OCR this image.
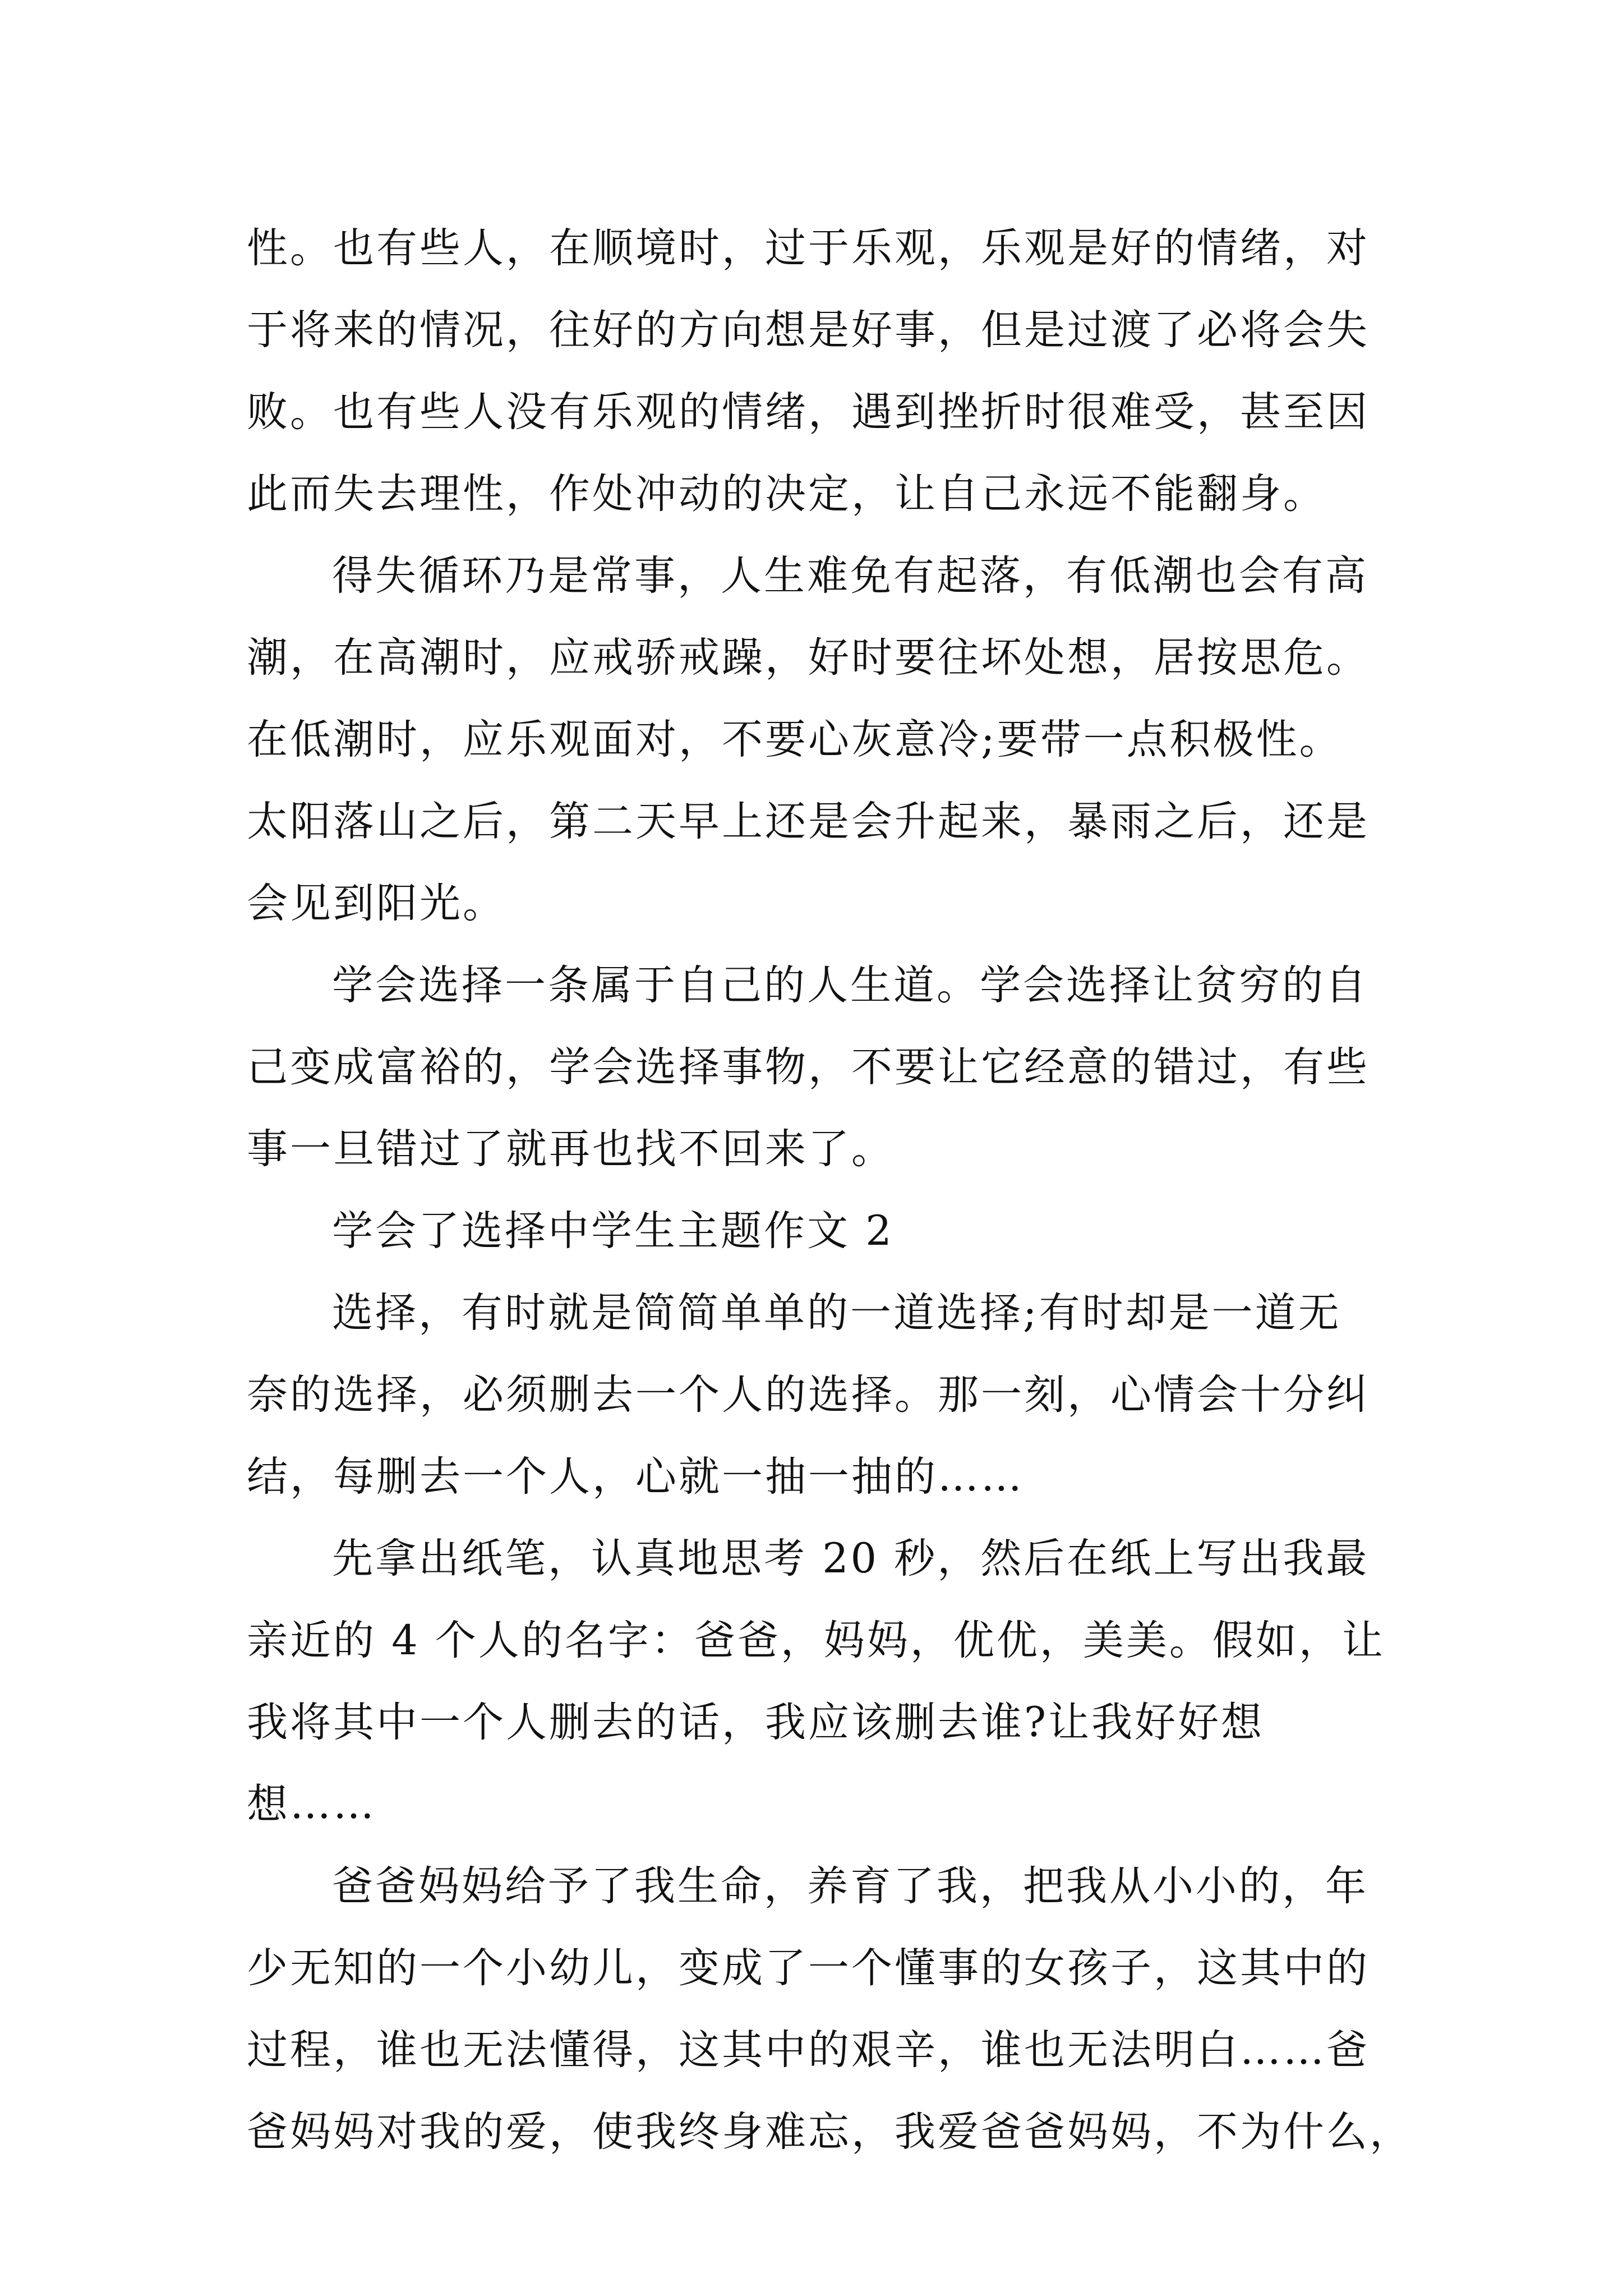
性。也有些人，在顺境时，过于乐观，乐观是好的情绪，对
于将来的情况，往好的方向想是好事，但是过渡了必将会失
败。也有些人没有乐观的情绪，遇到挫折时很难受，甚至因
此而失去理性，作处冲动的决定，让自己永远不能翻身。
得失循环乃是常事，人生难免有起落，有低潮也会有高
潮，在高潮时，应戒骄戒躁，好时要往坏处想，居按思危。
在低潮时，应乐观面对，不要心灰意冷;要带一点积极性。
太阳落山之后，第二天早上还是会升起来，暴雨之后，还是
会见到阳光。
学会选择一条属于自己的人生道。学会选择让贫穷的自
己变成富裕的，学会选择事物，不要让它经意的错过，有些
事一旦错过了就再也找不回来了。
学会了选择中学生主题作文 2
选择，有时就是简简单单的一道选择;有时却是一道无
奈的选择，必须删去一个人的选择。那一刻，心情会十分纠
结，每删去一个人，心就一抽一抽的……
先拿出纸笔，认真地思考 20 秒，然后在纸上写出我最
亲近的 4 个人的名字：爸爸，妈妈，优优，美美。假如，让
我将其中一个人删去的话，我应该删去谁?让我好好想
想……
爸爸妈妈给予了我生命，养育了我，把我从小小的，年
少无知的一个小幼儿，变成了一个懂事的女孩子，这其中的
过程，谁也无法懂得，这其中的艰辛，谁也无法明白……爸
爸妈妈对我的爱，使我终身难忘，我爱爸爸妈妈，不为什么，
